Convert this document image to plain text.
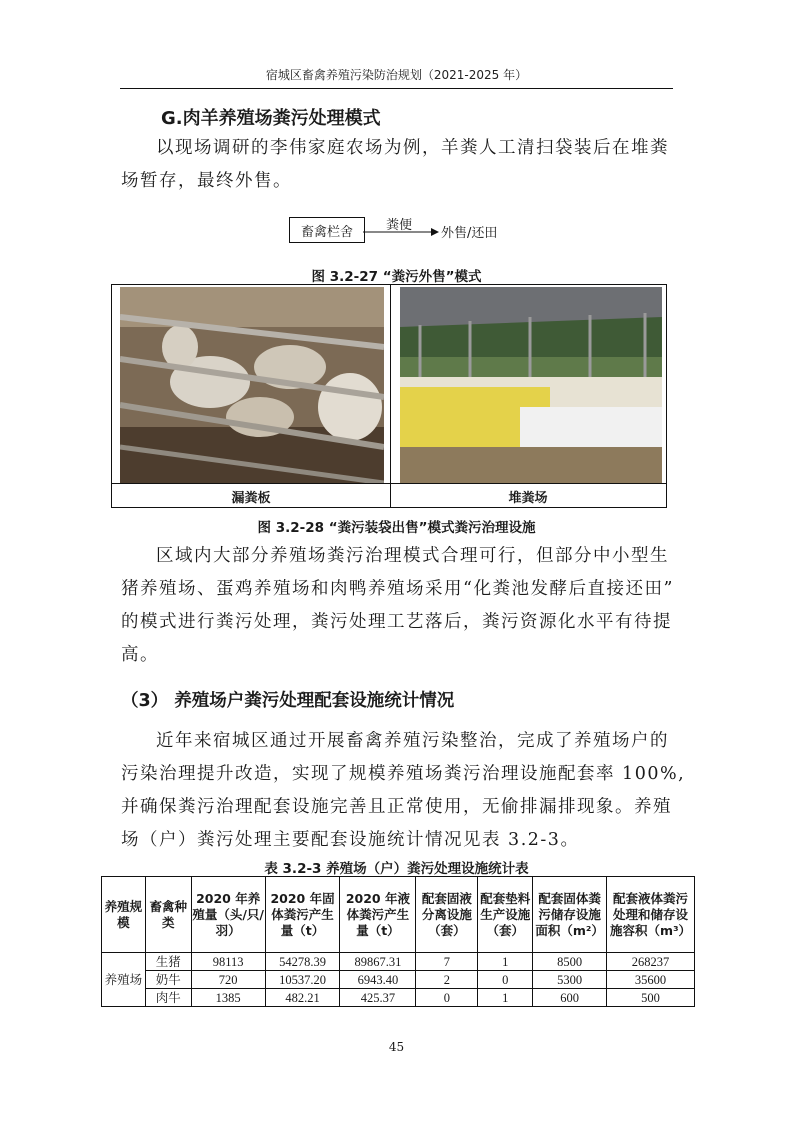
宿城区畜禽养殖污染防治规划（2021-2025 年）
G.肉羊养殖场粪污处理模式
以现场调研的李伟家庭农场为例，羊粪人工清扫袋装后在堆粪
场暂存，最终外售。
畜禽栏舍	粪便
外售/还田
图 3.2-27 “粪污外售”模式
漏粪板	堆粪场
图 3.2-28 “粪污装袋出售”模式粪污治理设施
区域内大部分养殖场粪污治理模式合理可行，但部分中小型生
猪养殖场、蛋鸡养殖场和肉鸭养殖场采用“化粪池发酵后直接还田”
的模式进行粪污处理，粪污处理工艺落后，粪污资源化水平有待提
高。
（3） 养殖场户粪污处理配套设施统计情况
近年来宿城区通过开展畜禽养殖污染整治，完成了养殖场户的
污染治理提升改造，实现了规模养殖场粪污治理设施配套率 100%,
并确保粪污治理配套设施完善且正常使用，无偷排漏排现象。养殖
场（户）粪污处理主要配套设施统计情况见表 3.2-3。
表 3.2-3 养殖场（户）粪污处理设施统计表
养殖规模	畜禽种类	2020 年养殖量（头/只/羽）	2020 年固体粪污产生量（t）	2020 年液体粪污产生量（t）	配套固液分离设施（套）	配套垫料生产设施（套）	配套固体粪污储存设施面积（m²）	配套液体粪污处理和储存设施容积（m³）
养殖场	生猪	98113	54278.39	89867.31	7	1	8500	268237
	奶牛	720	10537.20	6943.40	2	0	5300	35600
	肉牛	1385	482.21	425.37	0	1	600	500
45
